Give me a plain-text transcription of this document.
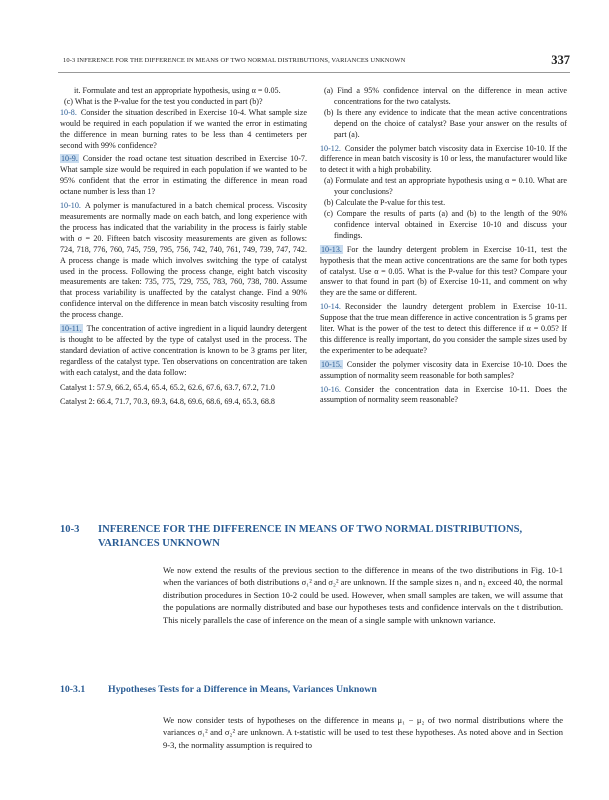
10-3 INFERENCE FOR THE DIFFERENCE IN MEANS OF TWO NORMAL DISTRIBUTIONS, VARIANCES UNKNOWN	337

it. Formulate and test an appropriate hypothesis, using α = 0.05.

(c) What is the P-value for the test you conducted in part (b)?

10-8. Consider the situation described in Exercise 10-4. What sample size would be required in each population if we wanted the error in estimating the difference in mean burning rates to be less than 4 centimeters per second with 99% confidence?

10-9. Consider the road octane test situation described in Exercise 10-7. What sample size would be required in each population if we wanted to be 95% confident that the error in estimating the difference in mean road octane number is less than 1?

10-10. A polymer is manufactured in a batch chemical process. Viscosity measurements are normally made on each batch, and long experience with the process has indicated that the variability in the process is fairly stable with σ = 20. Fifteen batch viscosity measurements are given as follows: 724, 718, 776, 760, 745, 759, 795, 756, 742, 740, 761, 749, 739, 747, 742. A process change is made which involves switching the type of catalyst used in the process. Following the process change, eight batch viscosity measurements are taken: 735, 775, 729, 755, 783, 760, 738, 780. Assume that process variability is unaffected by the catalyst change. Find a 90% confidence interval on the difference in mean batch viscosity resulting from the process change.

10-11. The concentration of active ingredient in a liquid laundry detergent is thought to be affected by the type of catalyst used in the process. The standard deviation of active concentration is known to be 3 grams per liter, regardless of the catalyst type. Ten observations on concentration are taken with each catalyst, and the data follow:

Catalyst 1: 57.9, 66.2, 65.4, 65.4, 65.2, 62.6, 67.6, 63.7, 67.2, 71.0

Catalyst 2: 66.4, 71.7, 70.3, 69.3, 64.8, 69.6, 68.6, 69.4, 65.3, 68.8

(a) Find a 95% confidence interval on the difference in mean active concentrations for the two catalysts.

(b) Is there any evidence to indicate that the mean active concentrations depend on the choice of catalyst? Base your answer on the results of part (a).

10-12. Consider the polymer batch viscosity data in Exercise 10-10. If the difference in mean batch viscosity is 10 or less, the manufacturer would like to detect it with a high probability.

(a) Formulate and test an appropriate hypothesis using α = 0.10. What are your conclusions?

(b) Calculate the P-value for this test.

(c) Compare the results of parts (a) and (b) to the length of the 90% confidence interval obtained in Exercise 10-10 and discuss your findings.

10-13. For the laundry detergent problem in Exercise 10-11, test the hypothesis that the mean active concentrations are the same for both types of catalyst. Use α = 0.05. What is the P-value for this test? Compare your answer to that found in part (b) of Exercise 10-11, and comment on why they are the same or different.

10-14. Reconsider the laundry detergent problem in Exercise 10-11. Suppose that the true mean difference in active concentration is 5 grams per liter. What is the power of the test to detect this difference if α = 0.05? If this difference is really important, do you consider the sample sizes used by the experimenter to be adequate?

10-15. Consider the polymer viscosity data in Exercise 10-10. Does the assumption of normality seem reasonable for both samples?

10-16. Consider the concentration data in Exercise 10-11. Does the assumption of normality seem reasonable?

10-3 INFERENCE FOR THE DIFFERENCE IN MEANS OF TWO NORMAL DISTRIBUTIONS, VARIANCES UNKNOWN

We now extend the results of the previous section to the difference in means of the two distributions in Fig. 10-1 when the variances of both distributions σ₁² and σ₂² are unknown. If the sample sizes n₁ and n₂ exceed 40, the normal distribution procedures in Section 10-2 could be used. However, when small samples are taken, we will assume that the populations are normally distributed and base our hypotheses tests and confidence intervals on the t distribution. This nicely parallels the case of inference on the mean of a single sample with unknown variance.

10-3.1 Hypotheses Tests for a Difference in Means, Variances Unknown

We now consider tests of hypotheses on the difference in means μ₁ − μ₂ of two normal distributions where the variances σ₁² and σ₂² are unknown. A t-statistic will be used to test these hypotheses. As noted above and in Section 9-3, the normality assumption is required to
